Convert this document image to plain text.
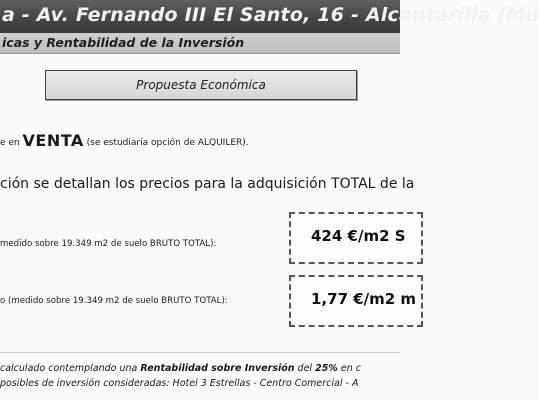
a - Av. Fernando III El Santo, 16 - Alcantarilla (Mu
icas y Rentabilidad de la Inversión
Propuesta Económica
e en VENTA (se estudiaría opción de ALQUILER).
ción se detallan los precios para la adquisición TOTAL de la
medido sobre 19.349 m2 de suelo BRUTO TOTAL):	424 €/m2 S
o (medido sobre 19.349 m2 de suelo BRUTO TOTAL):	1,77 €/m2 m
calculado contemplando una Rentabilidad sobre Inversión del 25% en c
posibles de inversión consideradas: Hotel 3 Estrellas - Centro Comercial - A
